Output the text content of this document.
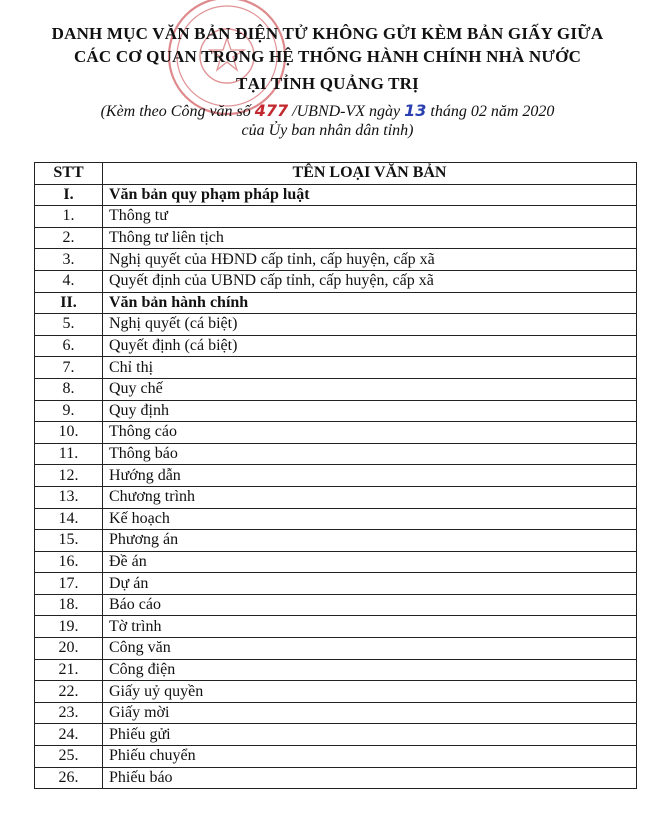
DANH MỤC VĂN BẢN ĐIỆN TỬ KHÔNG GỬI KÈM BẢN GIẤY GIỮA
CÁC CƠ QUAN TRONG HỆ THỐNG HÀNH CHÍNH NHÀ NƯỚC
TẠI TỈNH QUẢNG TRỊ
(Kèm theo Công văn số 477 /UBND-VX ngày 13 tháng 02 năm 2020
của Ủy ban nhân dân tỉnh)
STT	TÊN LOẠI VĂN BẢN
I.	Văn bản quy phạm pháp luật
1.	Thông tư
2.	Thông tư liên tịch
3.	Nghị quyết của HĐND cấp tỉnh, cấp huyện, cấp xã
4.	Quyết định của UBND cấp tỉnh, cấp huyện, cấp xã
II.	Văn bản hành chính
5.	Nghị quyết (cá biệt)
6.	Quyết định (cá biệt)
7.	Chỉ thị
8.	Quy chế
9.	Quy định
10.	Thông cáo
11.	Thông báo
12.	Hướng dẫn
13.	Chương trình
14.	Kế hoạch
15.	Phương án
16.	Đề án
17.	Dự án
18.	Báo cáo
19.	Tờ trình
20.	Công văn
21.	Công điện
22.	Giấy uỷ quyền
23.	Giấy mời
24.	Phiếu gửi
25.	Phiếu chuyển
26.	Phiếu báo
